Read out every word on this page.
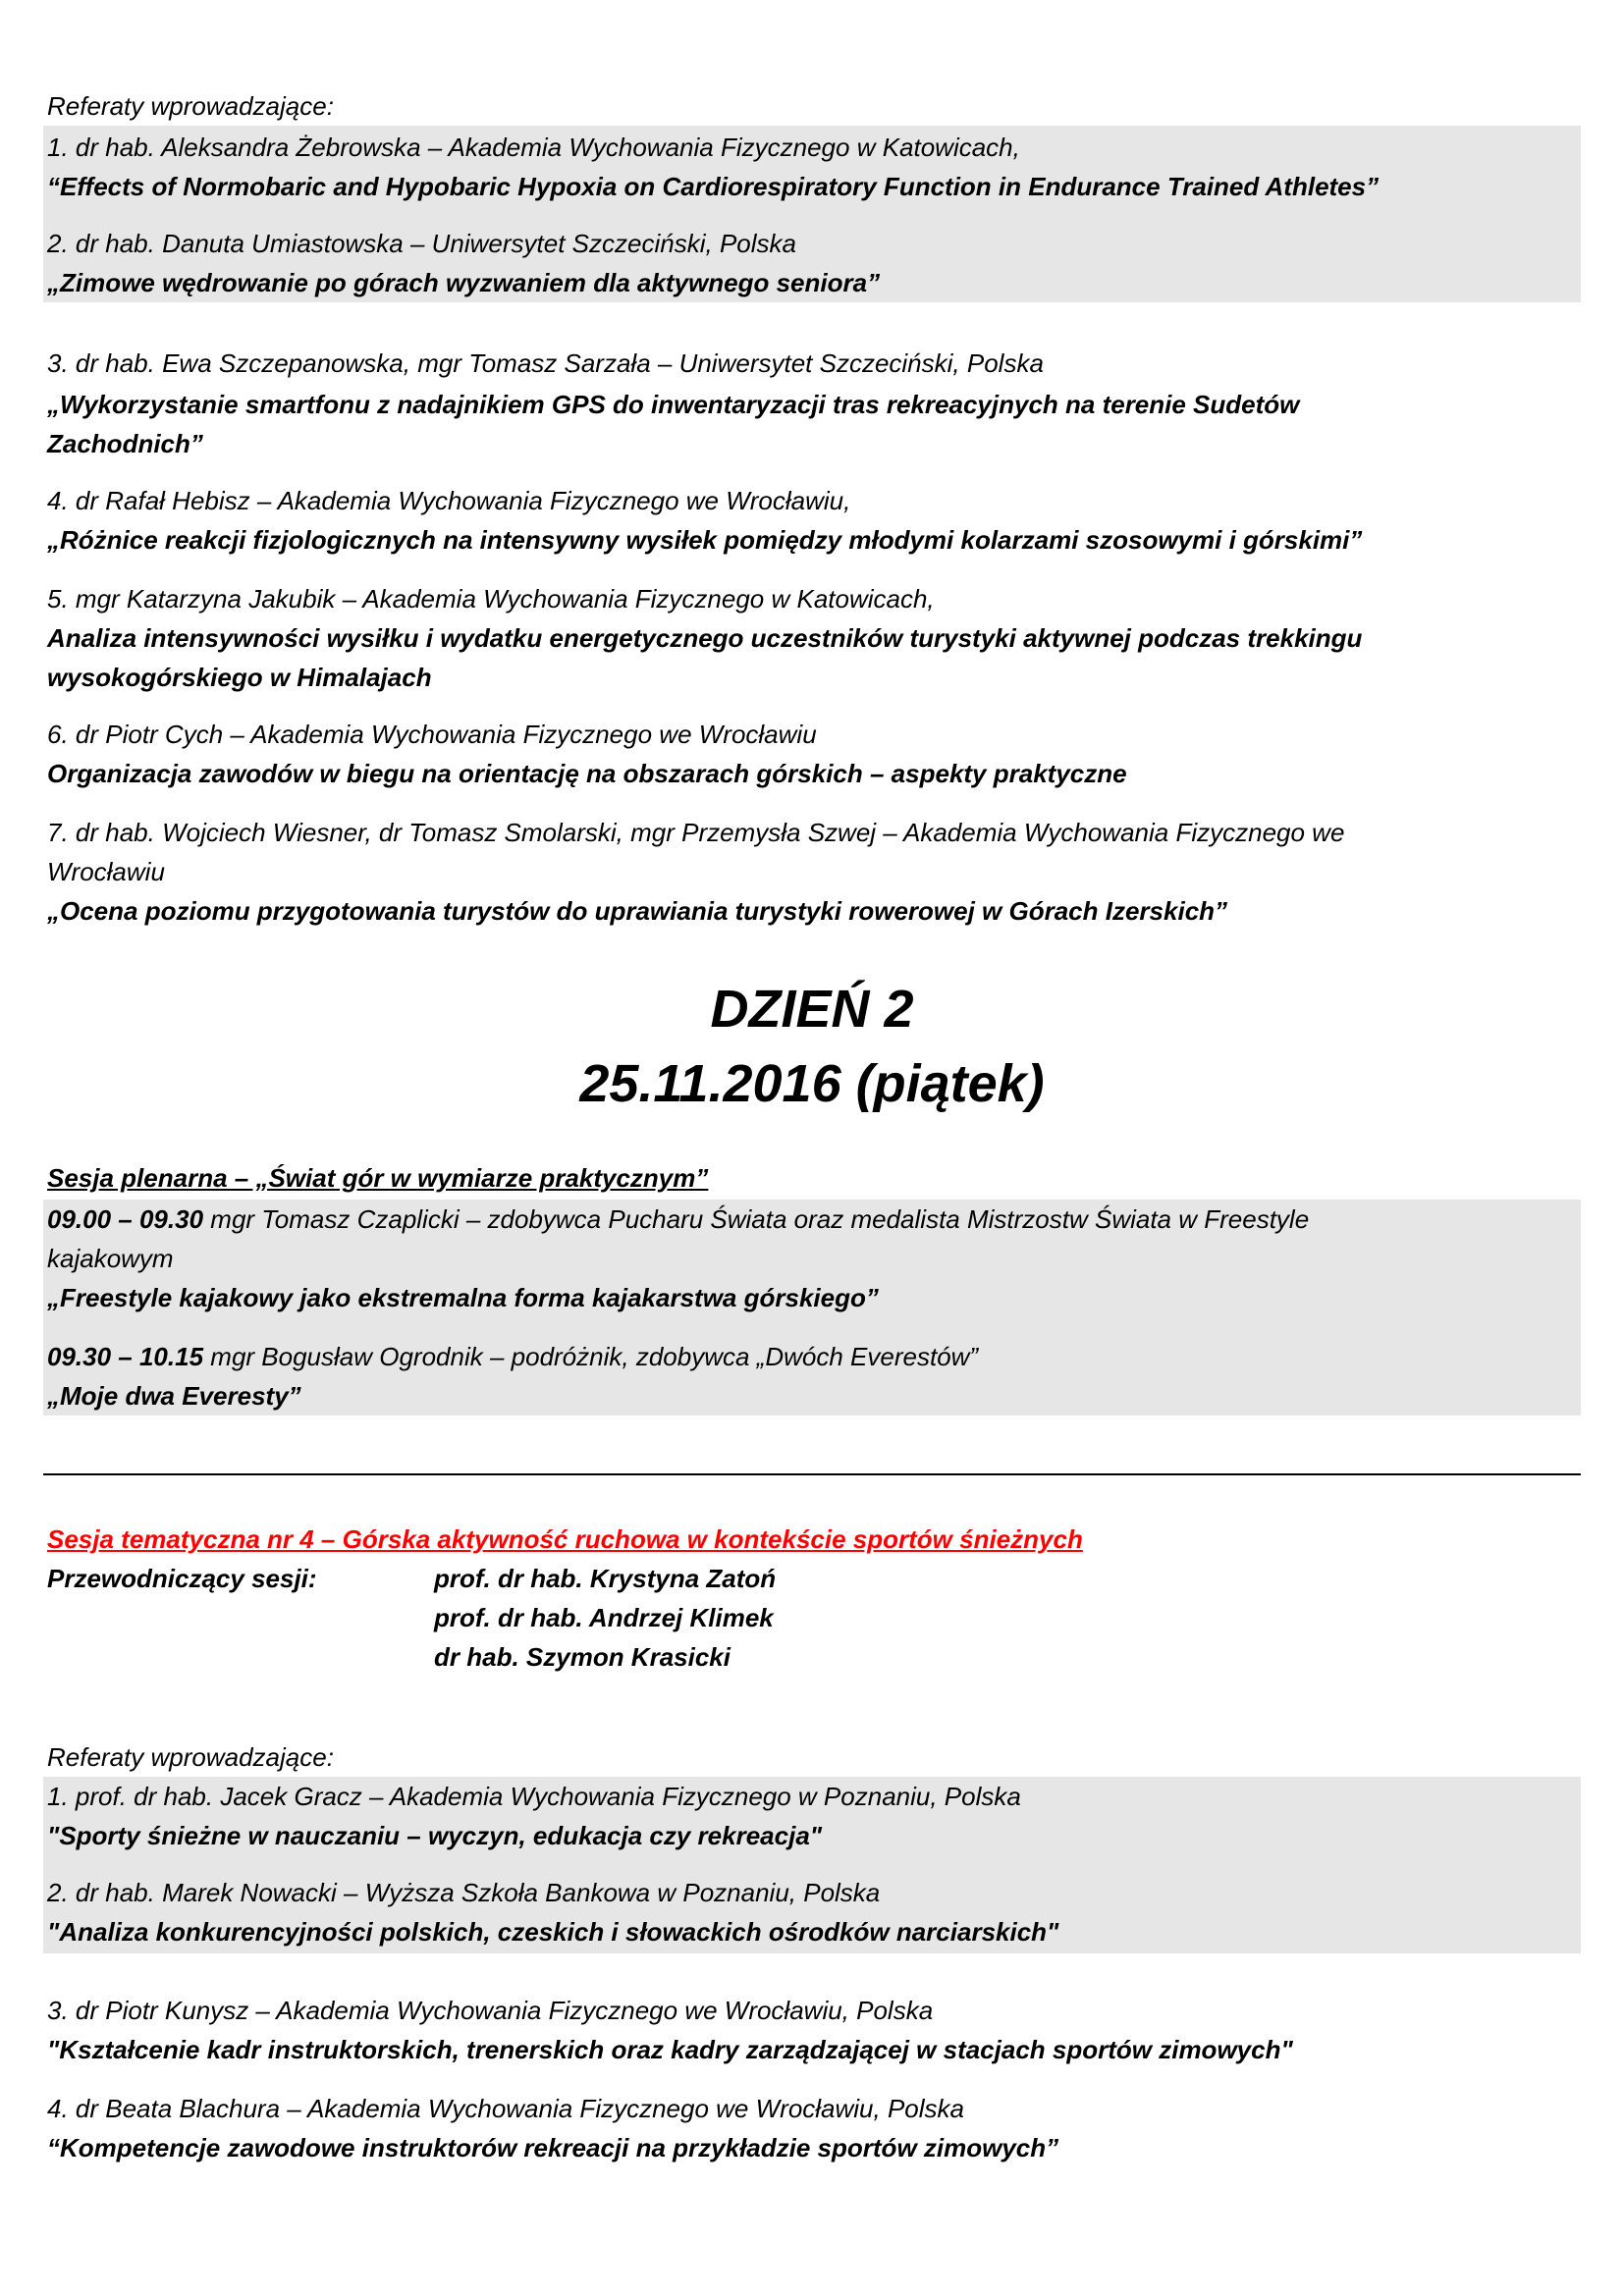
Referaty wprowadzające:
1. dr hab. Aleksandra Żebrowska – Akademia Wychowania Fizycznego w Katowicach,
“Effects of Normobaric and Hypobaric Hypoxia on Cardiorespiratory Function in Endurance Trained Athletes”
2. dr hab. Danuta Umiastowska – Uniwersytet Szczeciński, Polska
„Zimowe wędrowanie po górach wyzwaniem dla aktywnego seniora”
3. dr hab. Ewa Szczepanowska, mgr Tomasz Sarzała – Uniwersytet Szczeciński, Polska
„Wykorzystanie smartfonu z nadajnikiem GPS do inwentaryzacji tras rekreacyjnych na terenie Sudetów
Zachodnich”
4. dr Rafał Hebisz – Akademia Wychowania Fizycznego we Wrocławiu,
„Różnice reakcji fizjologicznych na intensywny wysiłek pomiędzy młodymi kolarzami szosowymi i górskimi”
5. mgr Katarzyna Jakubik – Akademia Wychowania Fizycznego w Katowicach,
Analiza intensywności wysiłku i wydatku energetycznego uczestników turystyki aktywnej podczas trekkingu
wysokogórskiego w Himalajach
6. dr Piotr Cych – Akademia Wychowania Fizycznego we Wrocławiu
Organizacja zawodów w biegu na orientację na obszarach górskich – aspekty praktyczne
7. dr hab. Wojciech Wiesner, dr Tomasz Smolarski, mgr Przemysła Szwej – Akademia Wychowania Fizycznego we
Wrocławiu
„Ocena poziomu przygotowania turystów do uprawiania turystyki rowerowej w Górach Izerskich”
DZIEŃ 2
25.11.2016 (piątek)
Sesja plenarna – „Świat gór w wymiarze praktycznym”
09.00 – 09.30 mgr Tomasz Czaplicki – zdobywca Pucharu Świata oraz medalista Mistrzostw Świata w Freestyle
kajakowym
„Freestyle kajakowy jako ekstremalna forma kajakarstwa górskiego”
09.30 – 10.15 mgr Bogusław Ogrodnik – podróżnik, zdobywca „Dwóch Everestów”
„Moje dwa Everesty”
Sesja tematyczna nr 4 – Górska aktywność ruchowa w kontekście sportów śnieżnych
Przewodniczący sesji:	prof. dr hab. Krystyna Zatoń
prof. dr hab. Andrzej Klimek
dr hab. Szymon Krasicki
Referaty wprowadzające:
1. prof. dr hab. Jacek Gracz – Akademia Wychowania Fizycznego w Poznaniu, Polska
"Sporty śnieżne w nauczaniu – wyczyn, edukacja czy rekreacja"
2. dr hab. Marek Nowacki – Wyższa Szkoła Bankowa w Poznaniu, Polska
"Analiza konkurencyjności polskich, czeskich i słowackich ośrodków narciarskich"
3. dr Piotr Kunysz – Akademia Wychowania Fizycznego we Wrocławiu, Polska
"Kształcenie kadr instruktorskich, trenerskich oraz kadry zarządzającej w stacjach sportów zimowych"
4. dr Beata Blachura – Akademia Wychowania Fizycznego we Wrocławiu, Polska
“Kompetencje zawodowe instruktorów rekreacji na przykładzie sportów zimowych”
